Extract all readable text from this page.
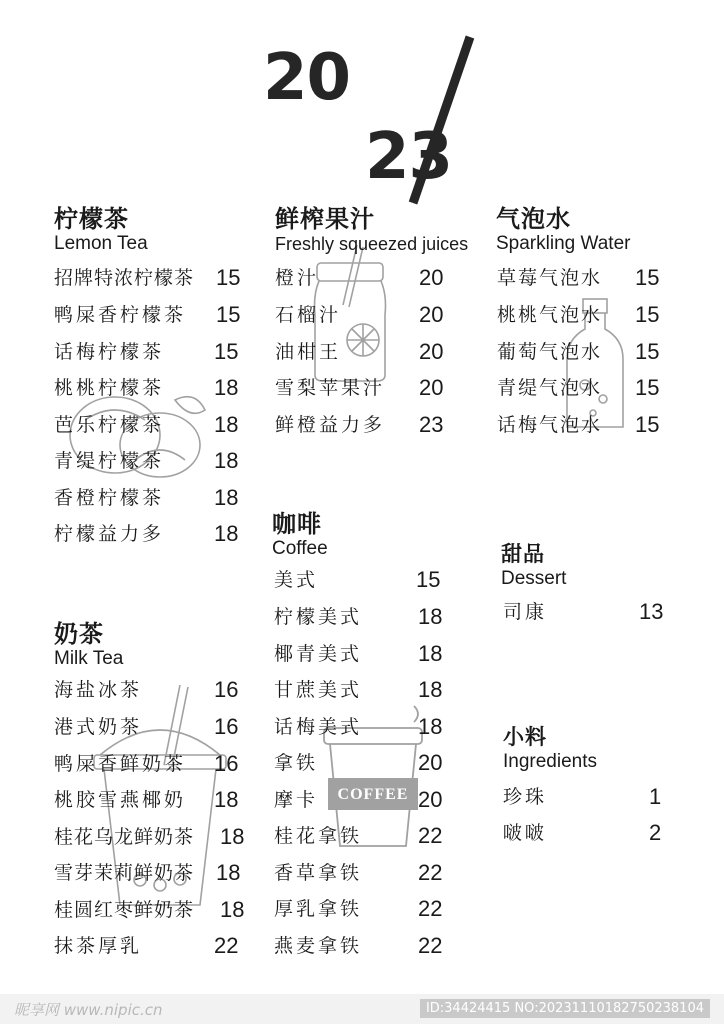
COFFEE
20
23
柠檬茶
Lemon Tea
招牌特浓柠檬茶 15
鸭屎香柠檬茶 15
话梅柠檬茶 15
桃桃柠檬茶 18
芭乐柠檬茶 18
青缇柠檬茶 18
香橙柠檬茶 18
柠檬益力多 18
奶茶
Milk Tea
海盐冰茶	16
港式奶茶	16
鸭屎香鲜奶茶 16
桃胶雪燕椰奶 18
桂花乌龙鲜奶茶 18
雪芽茉莉鲜奶茶 18
桂圆红枣鲜奶茶 18
抹茶厚乳	22
鲜榨果汁
Freshly squeezed juices
橙汁	20
石榴汁	20
油柑王	20
雪梨苹果汁 20
鲜橙益力多 23
咖啡
Coffee
美式	15
柠檬美式	18
椰青美式	18
甘蔗美式	18
话梅美式	18
拿铁	20
摩卡	20
桂花拿铁	22
香草拿铁	22
厚乳拿铁	22
燕麦拿铁	22
气泡水
Sparkling Water
草莓气泡水 15
桃桃气泡水 15
葡萄气泡水 15
青缇气泡水 15
话梅气泡水 15
甜品
Dessert
司康	13
小料
Ingredients
珍珠	1
啵啵	2
昵享网 www.nipic.cn	ID:34424415 NO:20231110182750238104
